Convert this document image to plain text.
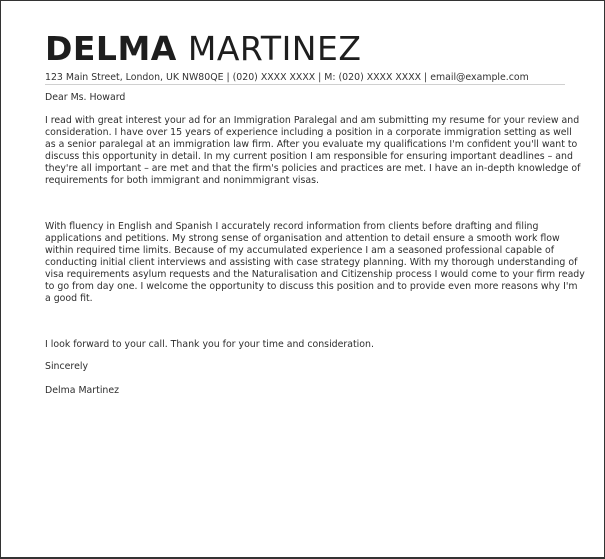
DELMA MARTINEZ
123 Main Street, London, UK NW80QE | (020) XXXX XXXX | M: (020) XXXX XXXX | email@example.com

Dear Ms. Howard

I read with great interest your ad for an Immigration Paralegal and am submitting my resume for your review and consideration. I have over 15 years of experience including a position in a corporate immigration setting as well as a senior paralegal at an immigration law firm. After you evaluate my qualifications I'm confident you'll want to discuss this opportunity in detail. In my current position I am responsible for ensuring important deadlines – and they're all important – are met and that the firm's policies and practices are met. I have an in-depth knowledge of requirements for both immigrant and nonimmigrant visas.

With fluency in English and Spanish I accurately record information from clients before drafting and filing applications and petitions. My strong sense of organisation and attention to detail ensure a smooth work flow within required time limits. Because of my accumulated experience I am a seasoned professional capable of conducting initial client interviews and assisting with case strategy planning. With my thorough understanding of visa requirements asylum requests and the Naturalisation and Citizenship process I would come to your firm ready to go from day one. I welcome the opportunity to discuss this position and to provide even more reasons why I'm a good fit.

I look forward to your call. Thank you for your time and consideration.

Sincerely

Delma Martinez
